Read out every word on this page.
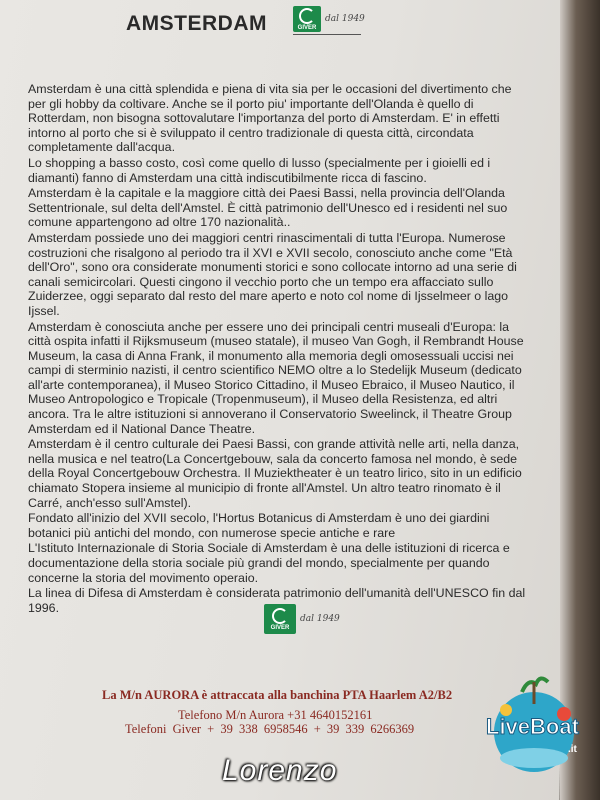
AMSTERDAM	GIVER
dal 1949

Amsterdam è una città splendida e piena di vita sia per le occasioni del divertimento che per gli hobby da coltivare. Anche se il porto piu' importante dell'Olanda è quello di Rotterdam, non bisogna sottovalutare l'importanza del porto di Amsterdam. E' in effetti intorno al porto che si è sviluppato il centro tradizionale di questa città, circondata completamente dall'acqua.

Lo shopping a basso costo, così come quello di lusso (specialmente per i gioielli ed i diamanti) fanno di Amsterdam una città indiscutibilmente ricca di fascino.

Amsterdam è la capitale e la maggiore città dei Paesi Bassi, nella provincia dell'Olanda Settentrionale, sul delta dell'Amstel. È città patrimonio dell'Unesco ed i residenti nel suo comune appartengono ad oltre 170 nazionalità..

Amsterdam possiede uno dei maggiori centri rinascimentali di tutta l'Europa. Numerose costruzioni che risalgono al periodo tra il XVI e XVII secolo, conosciuto anche come "Età dell'Oro", sono ora considerate monumenti storici e sono collocate intorno ad una serie di canali semicircolari. Questi cingono il vecchio porto che un tempo era affacciato sullo Zuiderzee, oggi separato dal resto del mare aperto e noto col nome di Ijsselmeer o lago Ijssel.

Amsterdam è conosciuta anche per essere uno dei principali centri museali d'Europa: la città ospita infatti il Rijksmuseum (museo statale), il museo Van Gogh, il Rembrandt House Museum, la casa di Anna Frank, il monumento alla memoria degli omosessuali uccisi nei campi di sterminio nazisti, il centro scientifico NEMO oltre a lo Stedelijk Museum (dedicato all'arte contemporanea), il Museo Storico Cittadino, il Museo Ebraico, il Museo Nautico, il Museo Antropologico e Tropicale (Tropenmuseum), il Museo della Resistenza, ed altri ancora. Tra le altre istituzioni si annoverano il Conservatorio Sweelinck, il Theatre Group Amsterdam ed il National Dance Theatre.

Amsterdam è il centro culturale dei Paesi Bassi, con grande attività nelle arti, nella danza, nella musica e nel teatro(La Concertgebouw, sala da concerto famosa nel mondo, è sede della Royal Concertgebouw Orchestra. Il Muziektheater è un teatro lirico, sito in un edificio chiamato Stopera insieme al municipio di fronte all'Amstel. Un altro teatro rinomato è il Carré, anch'esso sull'Amstel).

Fondato all'inizio del XVII secolo, l'Hortus Botanicus di Amsterdam è uno dei giardini botanici più antichi del mondo, con numerose specie antiche e rare

L'Istituto Internazionale di Storia Sociale di Amsterdam è una delle istituzioni di ricerca e documentazione della storia sociale più grandi del mondo, specialmente per quando concerne la storia del movimento operaio.

La linea di Difesa di Amsterdam è considerata patrimonio dell'umanità dell'UNESCO fin dal 1996.

GIVER
dal 1949
La M/n AURORA è attraccata alla banchina PTA Haarlem A2/B2
Telefono M/n Aurora +31 4640152161
Telefoni Giver + 39 338 6958546 + 39 339 6266369
Lorenzo
LiveBoat
.it
